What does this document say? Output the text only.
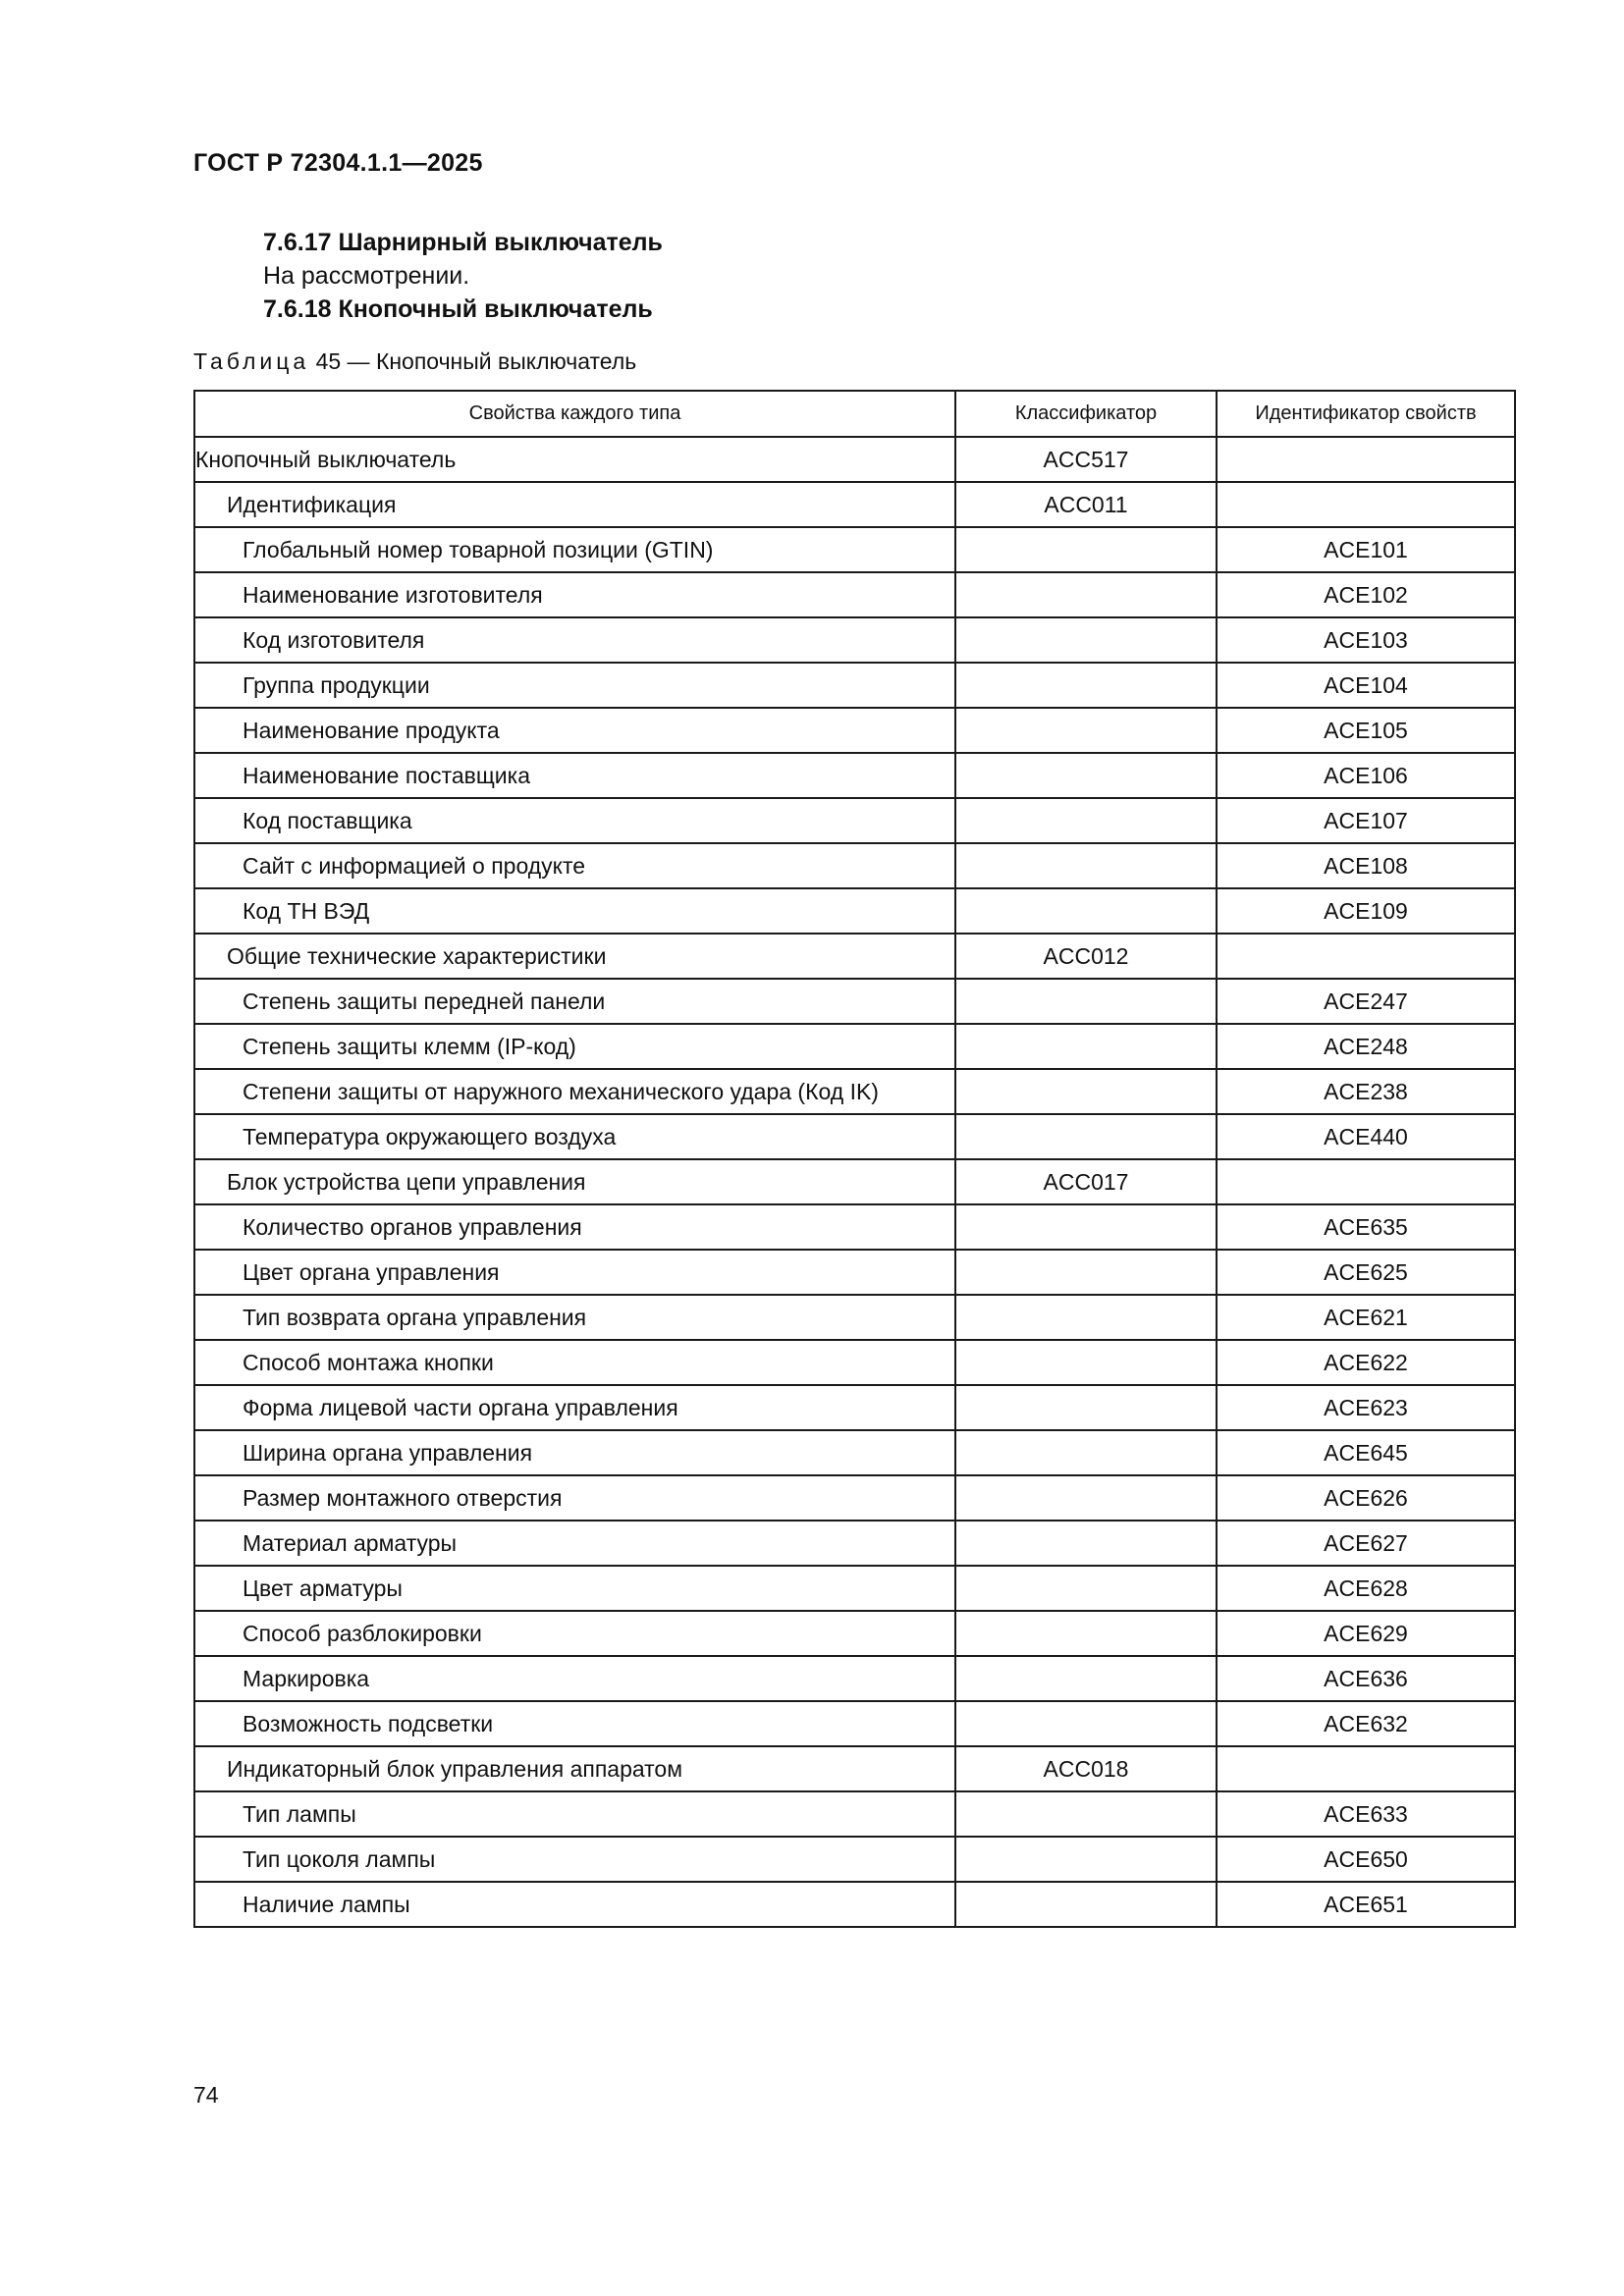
ГОСТ Р 72304.1.1—2025
7.6.17 Шарнирный выключатель
На рассмотрении.
7.6.18 Кнопочный выключатель
Таблица 45 — Кнопочный выключатель
Свойства каждого типа	Классификатор	Идентификатор свойств
Кнопочный выключатель	ACC517	
Идентификация	ACC011	
Глобальный номер товарной позиции (GTIN)		ACE101
Наименование изготовителя		ACE102
Код изготовителя		ACE103
Группа продукции		ACE104
Наименование продукта		ACE105
Наименование поставщика		ACE106
Код поставщика		ACE107
Сайт с информацией о продукте		ACE108
Код ТН ВЭД		ACE109
Общие технические характеристики	ACC012	
Степень защиты передней панели		ACE247
Степень защиты клемм (IP-код)		ACE248
Степени защиты от наружного механического удара (Код IK)		ACE238
Температура окружающего воздуха		ACE440
Блок устройства цепи управления	ACC017	
Количество органов управления		ACE635
Цвет органа управления		ACE625
Тип возврата органа управления		ACE621
Способ монтажа кнопки		ACE622
Форма лицевой части органа управления		ACE623
Ширина органа управления		ACE645
Размер монтажного отверстия		ACE626
Материал арматуры		ACE627
Цвет арматуры		ACE628
Способ разблокировки		ACE629
Маркировка		ACE636
Возможность подсветки		ACE632
Индикаторный блок управления аппаратом	ACC018	
Тип лампы		ACE633
Тип цоколя лампы		ACE650
Наличие лампы		ACE651
74
